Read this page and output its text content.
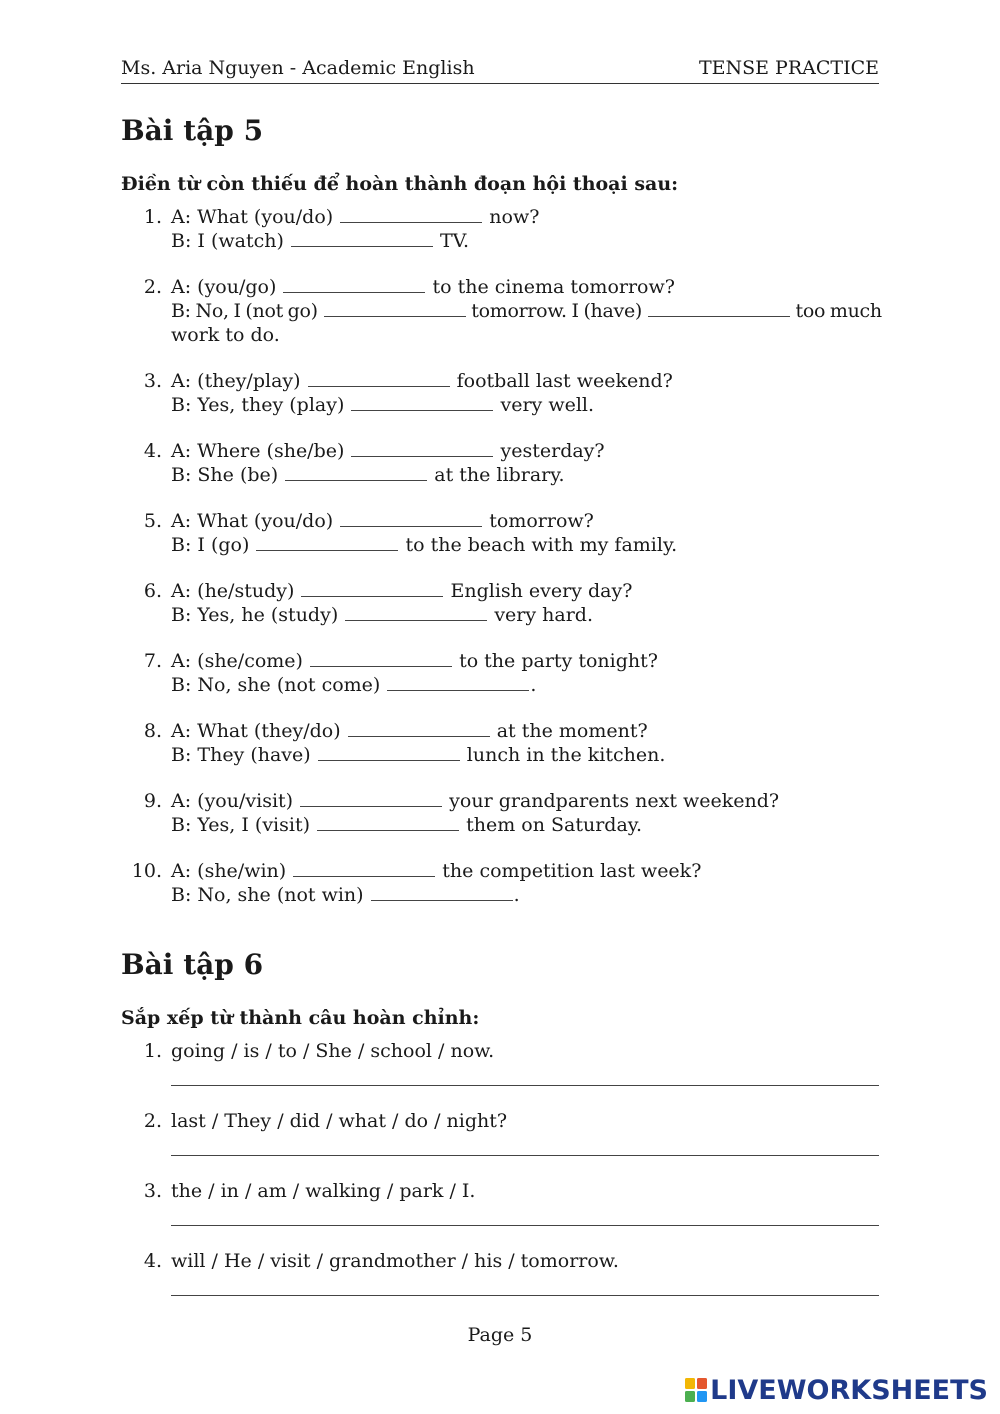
Ms. Aria Nguyen - Academic English	TENSE PRACTICE
Bài tập 5
Điền từ còn thiếu để hoàn thành đoạn hội thoại sau:
1. A: What (you/do)	now?
B: I (watch)	TV.
2. A: (you/go)	to the cinema tomorrow?
B: No, I (not go)	tomorrow. I (have)	too much
work to do.
3. A: (they/play)	football last weekend?
B: Yes, they (play)	very well.
4. A: Where (she/be)	yesterday?
B: She (be)	at the library.
5. A: What (you/do)	tomorrow?
B: I (go)	to the beach with my family.
6. A: (he/study)	English every day?
B: Yes, he (study)	very hard.
7. A: (she/come)	to the party tonight?
B: No, she (not come)	.
8. A: What (they/do)	at the moment?
B: They (have)	lunch in the kitchen.
9. A: (you/visit)	your grandparents next weekend?
B: Yes, I (visit)	them on Saturday.
10. A: (she/win)	the competition last week?
B: No, she (not win)	.
Bài tập 6
Sắp xếp từ thành câu hoàn chỉnh:
1. going / is / to / She / school / now.
2. last / They / did / what / do / night?
3. the / in / am / walking / park / I.
4. will / He / visit / grandmother / his / tomorrow.
Page 5
LIVEWORKSHEETS
